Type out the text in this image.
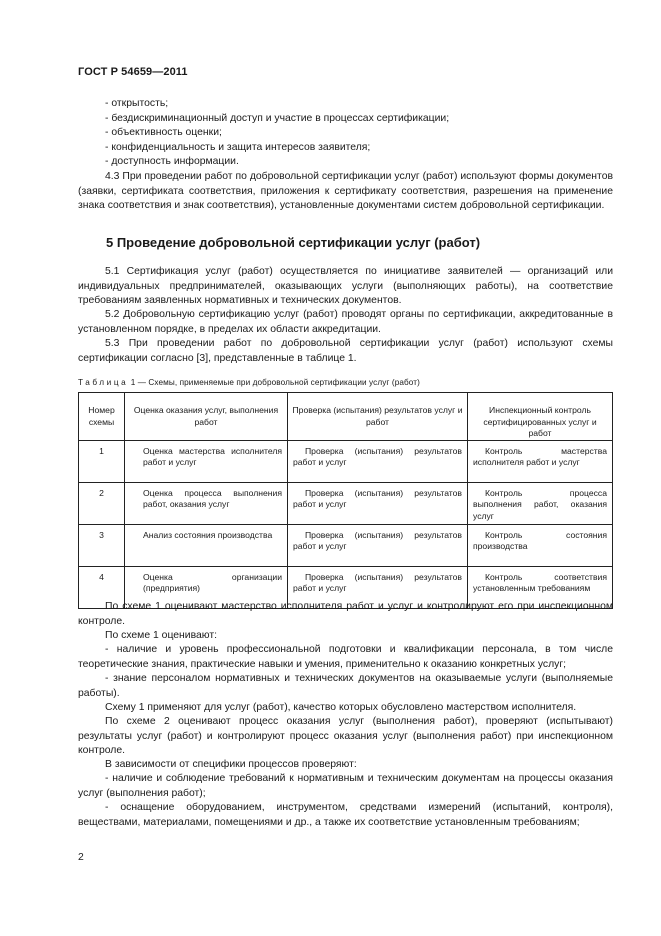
ГОСТ Р 54659—2011
- открытость;
- бездискриминационный доступ и участие в процессах сертификации;
- объективность оценки;
- конфиденциальность и защита интересов заявителя;
- доступность информации.
4.3 При проведении работ по добровольной сертификации услуг (работ) используют формы документов (заявки, сертификата соответствия, приложения к сертификату соответствия, разрешения на применение знака соответствия и знак соответствия), установленные документами систем добровольной сертификации.
5 Проведение добровольной сертификации услуг (работ)
5.1 Сертификация услуг (работ) осуществляется по инициативе заявителей — организаций или индивидуальных предпринимателей, оказывающих услуги (выполняющих работы), на соответствие требованиям заявленных нормативных и технических документов.
5.2 Добровольную сертификацию услуг (работ) проводят органы по сертификации, аккредитованные в установленном порядке, в пределах их области аккредитации.
5.3 При проведении работ по добровольной сертификации услуг (работ) используют схемы сертификации согласно [3], представленные в таблице 1.
Таблица 1 — Схемы, применяемые при добровольной сертификации услуг (работ)
Номер схемы	Оценка оказания услуг, выполнения работ	Проверка (испытания) результатов услуг и работ	Инспекционный контроль сертифицированных услуг и работ
1	Оценка мастерства исполнителя работ и услуг	Проверка (испытания) результатов работ и услуг	Контроль мастерства исполнителя работ и услуг

2	Оценка процесса выполнения работ, оказания услуг	Проверка (испытания) результатов работ и услуг	Контроль процесса выполнения работ, оказания услуг

3	Анализ состояния производства	Проверка (испытания) результатов работ и услуг	Контроль состояния производства

4	Оценка организации (предприятия)	Проверка (испытания) результатов работ и услуг	Контроль соответствия установленным требованиям
По схеме 1 оценивают мастерство исполнителя работ и услуг и контролируют его при инспекционном контроле.
По схеме 1 оценивают:
- наличие и уровень профессиональной подготовки и квалификации персонала, в том числе теоретические знания, практические навыки и умения, применительно к оказанию конкретных услуг;
- знание персоналом нормативных и технических документов на оказываемые услуги (выполняемые работы).
Схему 1 применяют для услуг (работ), качество которых обусловлено мастерством исполнителя.
По схеме 2 оценивают процесс оказания услуг (выполнения работ), проверяют (испытывают) результаты услуг (работ) и контролируют процесс оказания услуг (выполнения работ) при инспекционном контроле.
В зависимости от специфики процессов проверяют:
- наличие и соблюдение требований к нормативным и техническим документам на процессы оказания услуг (выполнения работ);
- оснащение оборудованием, инструментом, средствами измерений (испытаний, контроля), веществами, материалами, помещениями и др., а также их соответствие установленным требованиям;
2
